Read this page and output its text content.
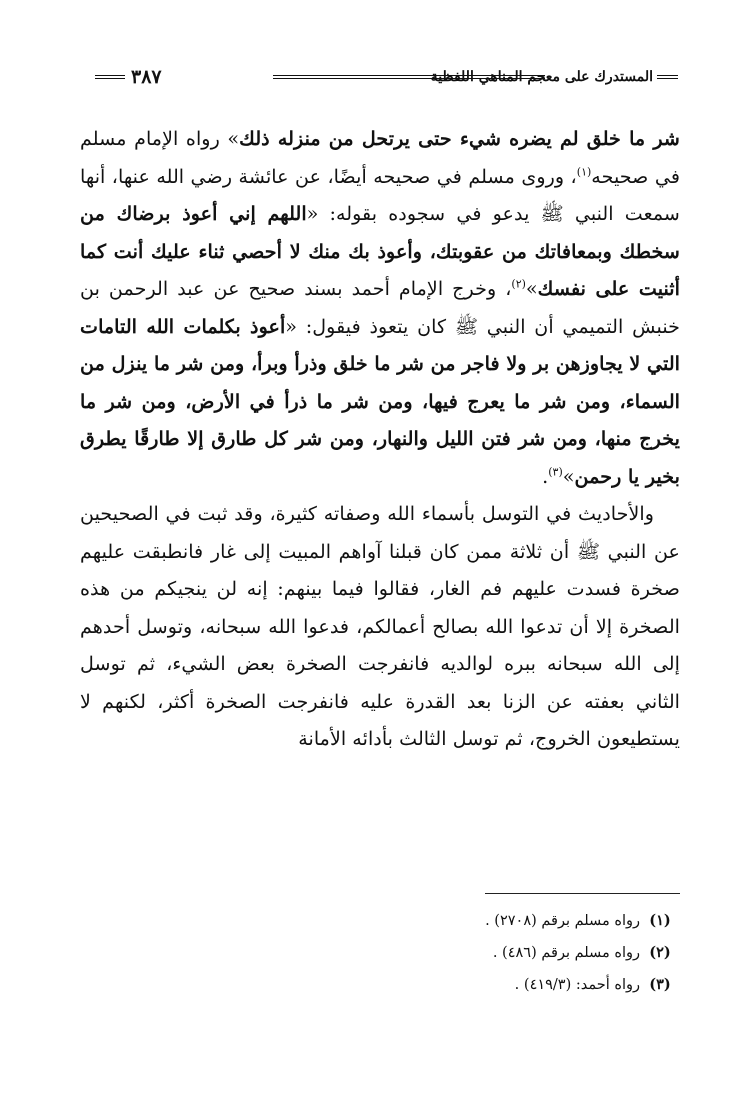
٣٨٧	المستدرك على معجم المناهي اللفظية

شر ما خلق لم يضره شيء حتى يرتحل من منزله ذلك» رواه الإمام مسلم في صحيحه$^{(١)}$، وروى مسلم في صحيحه أيضًا، عن عائشة رضي الله عنها، أنها سمعت النبي ﷺ يدعو في سجوده بقوله: «اللهم إني أعوذ برضاك من سخطك وبمعافاتك من عقوبتك، وأعوذ بك منك لا أحصي ثناء عليك أنت كما أثنيت على نفسك»$^{(٢)}$، وخرج الإمام أحمد بسند صحيح عن عبد الرحمن بن خنبش التميمي أن النبي ﷺ كان يتعوذ فيقول: «أعوذ بكلمات الله التامات التي لا يجاوزهن بر ولا فاجر من شر ما خلق وذرأ وبرأ، ومن شر ما ينزل من السماء، ومن شر ما يعرج فيها، ومن شر ما ذرأ في الأرض، ومن شر ما يخرج منها، ومن شر فتن الليل والنهار، ومن شر كل طارق إلا طارقًا يطرق بخير يا رحمن»$^{(٣)}$.

والأحاديث في التوسل بأسماء الله وصفاته كثيرة، وقد ثبت في الصحيحين عن النبي ﷺ أن ثلاثة ممن كان قبلنا آواهم المبيت إلى غار فانطبقت عليهم صخرة فسدت عليهم فم الغار، فقالوا فيما بينهم: إنه لن ينجيكم من هذه الصخرة إلا أن تدعوا الله بصالح أعمالكم، فدعوا الله سبحانه، وتوسل أحدهم إلى الله سبحانه ببره لوالديه فانفرجت الصخرة بعض الشيء، ثم توسل الثاني بعفته عن الزنا بعد القدرة عليه فانفرجت الصخرة أكثر، لكنهم لا يستطيعون الخروج، ثم توسل الثالث بأدائه الأمانة

(١)
رواه مسلم برقم (٢٧٠٨) .
(٢)
رواه مسلم برقم (٤٨٦) .
(٣)
رواه أحمد: (٤١٩/٣) .
